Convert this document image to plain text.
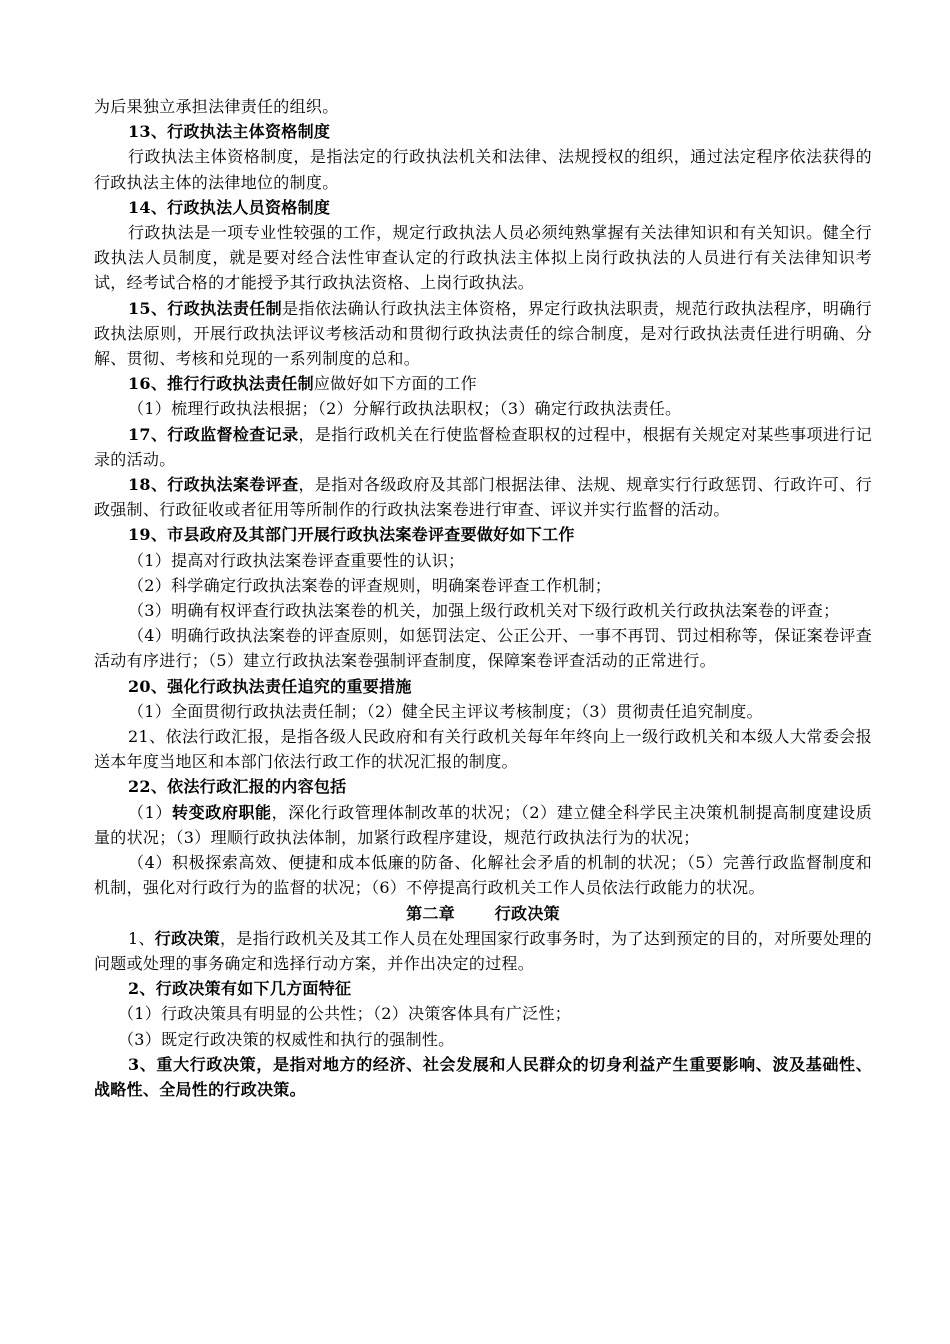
为后果独立承担法律责任的组织。
13、行政执法主体资格制度
行政执法主体资格制度，是指法定的行政执法机关和法律、法规授权的组织，通过法定程序依法获得的行政执法主体的法律地位的制度。
14、行政执法人员资格制度
行政执法是一项专业性较强的工作，规定行政执法人员必须纯熟掌握有关法律知识和有关知识。健全行政执法人员制度，就是要对经合法性审查认定的行政执法主体拟上岗行政执法的人员进行有关法律知识考试，经考试合格的才能授予其行政执法资格、上岗行政执法。
15、行政执法责任制是指依法确认行政执法主体资格，界定行政执法职责，规范行政执法程序，明确行政执法原则，开展行政执法评议考核活动和贯彻行政执法责任的综合制度，是对行政执法责任进行明确、分解、贯彻、考核和兑现的一系列制度的总和。
16、推行行政执法责任制应做好如下方面的工作
（1）梳理行政执法根据；（2）分解行政执法职权；（3）确定行政执法责任。
17、行政监督检查记录，是指行政机关在行使监督检查职权的过程中，根据有关规定对某些事项进行记录的活动。
18、行政执法案卷评查，是指对各级政府及其部门根据法律、法规、规章实行行政惩罚、行政许可、行政强制、行政征收或者征用等所制作的行政执法案卷进行审查、评议并实行监督的活动。
19、市县政府及其部门开展行政执法案卷评查要做好如下工作
（1）提高对行政执法案卷评查重要性的认识；
（2）科学确定行政执法案卷的评查规则，明确案卷评查工作机制；
（3）明确有权评查行政执法案卷的机关，加强上级行政机关对下级行政机关行政执法案卷的评查；
（4）明确行政执法案卷的评查原则，如惩罚法定、公正公开、一事不再罚、罚过相称等，保证案卷评查活动有序进行；（5）建立行政执法案卷强制评查制度，保障案卷评查活动的正常进行。
20、强化行政执法责任追究的重要措施
（1）全面贯彻行政执法责任制；（2）健全民主评议考核制度；（3）贯彻责任追究制度。
21、依法行政汇报，是指各级人民政府和有关行政机关每年年终向上一级行政机关和本级人大常委会报送本年度当地区和本部门依法行政工作的状况汇报的制度。
22、依法行政汇报的内容包括
（1）转变政府职能，深化行政管理体制改革的状况；（2）建立健全科学民主决策机制提高制度建设质量的状况；（3）理顺行政执法体制，加紧行政程序建设，规范行政执法行为的状况；
（4）积极探索高效、便捷和成本低廉的防备、化解社会矛盾的机制的状况；（5）完善行政监督制度和机制，强化对行政行为的监督的状况；（6）不停提高行政机关工作人员依法行政能力的状况。
第二章  行政决策
1、行政决策，是指行政机关及其工作人员在处理国家行政事务时，为了达到预定的目的，对所要处理的问题或处理的事务确定和选择行动方案，并作出决定的过程。
2、行政决策有如下几方面特征
（1）行政决策具有明显的公共性；（2）决策客体具有广泛性；
（3）既定行政决策的权威性和执行的强制性。
3、重大行政决策，是指对地方的经济、社会发展和人民群众的切身利益产生重要影响、波及基础性、战略性、全局性的行政决策。
